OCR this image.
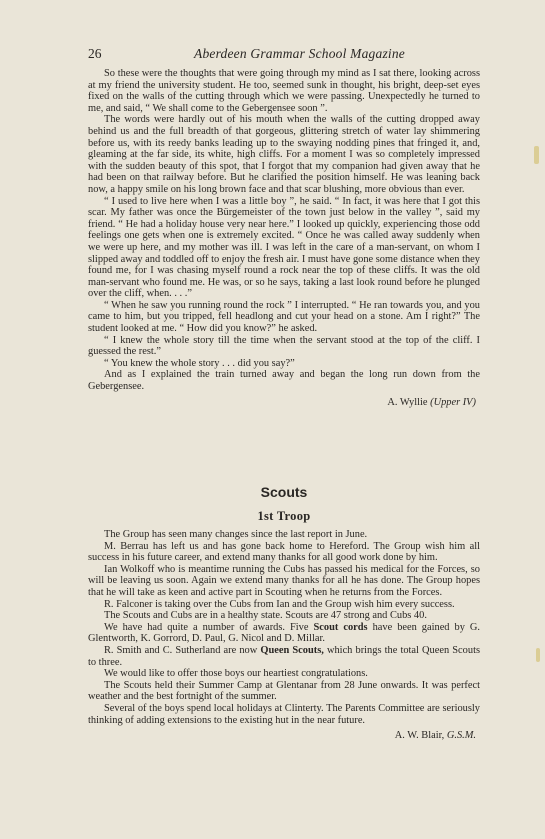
26	Aberdeen Grammar School Magazine

So these were the thoughts that were going through my mind as I sat there, looking across at my friend the university student. He too, seemed sunk in thought, his bright, deep-set eyes fixed on the walls of the cutting through which we were passing. Unexpectedly he turned to me, and said, “ We shall come to the Gebergensee soon ”.

The words were hardly out of his mouth when the walls of the cutting dropped away behind us and the full breadth of that gorgeous, glittering stretch of water lay shimmering before us, with its reedy banks leading up to the swaying nodding pines that fringed it, and, gleaming at the far side, its white, high cliffs. For a moment I was so completely impressed with the sudden beauty of this spot, that I forgot that my companion had given away that he had been on that railway before. But he clarified the position himself. He was leaning back now, a happy smile on his long brown face and that scar blushing, more obvious than ever.

“ I used to live here when I was a little boy ”, he said. “ In fact, it was here that I got this scar. My father was once the Bürgemeister of the town just below in the valley ”, said my friend. “ He had a holiday house very near here.” I looked up quickly, experiencing those odd feelings one gets when one is extremely excited. “ Once he was called away suddenly when we were up here, and my mother was ill. I was left in the care of a man-servant, on whom I slipped away and toddled off to enjoy the fresh air. I must have gone some distance when they found me, for I was chasing myself round a rock near the top of these cliffs. It was the old man-servant who found me. He was, or so he says, taking a last look round before he plunged over the cliff, when. . . .”

“ When he saw you running round the rock ” I interrupted. “ He ran towards you, and you came to him, but you tripped, fell headlong and cut your head on a stone. Am I right?” The student looked at me. “ How did you know?” he asked.

“ I knew the whole story till the time when the servant stood at the top of the cliff. I guessed the rest.”

“ You knew the whole story . . . did you say?”

And as I explained the train turned away and began the long run down from the Gebergensee.

A. Wyllie (Upper IV)
Scouts
1st Troop

The Group has seen many changes since the last report in June.

M. Berrau has left us and has gone back home to Hereford. The Group wish him all success in his future career, and extend many thanks for all good work done by him.

Ian Wolkoff who is meantime running the Cubs has passed his medical for the Forces, so will be leaving us soon. Again we extend many thanks for all he has done. The Group hopes that he will take as keen and active part in Scouting when he returns from the Forces.

R. Falconer is taking over the Cubs from Ian and the Group wish him every success.

The Scouts and Cubs are in a healthy state. Scouts are 47 strong and Cubs 40.

We have had quite a number of awards. Five Scout cords have been gained by G. Glentworth, K. Gorrord, D. Paul, G. Nicol and D. Millar.

R. Smith and C. Sutherland are now Queen Scouts, which brings the total Queen Scouts to three.

We would like to offer those boys our heartiest congratulations.

The Scouts held their Summer Camp at Glentanar from 28 June onwards. It was perfect weather and the best fortnight of the summer.

Several of the boys spend local holidays at Clinterty. The Parents Committee are seriously thinking of adding extensions to the existing hut in the near future.

A. W. Blair, G.S.M.
